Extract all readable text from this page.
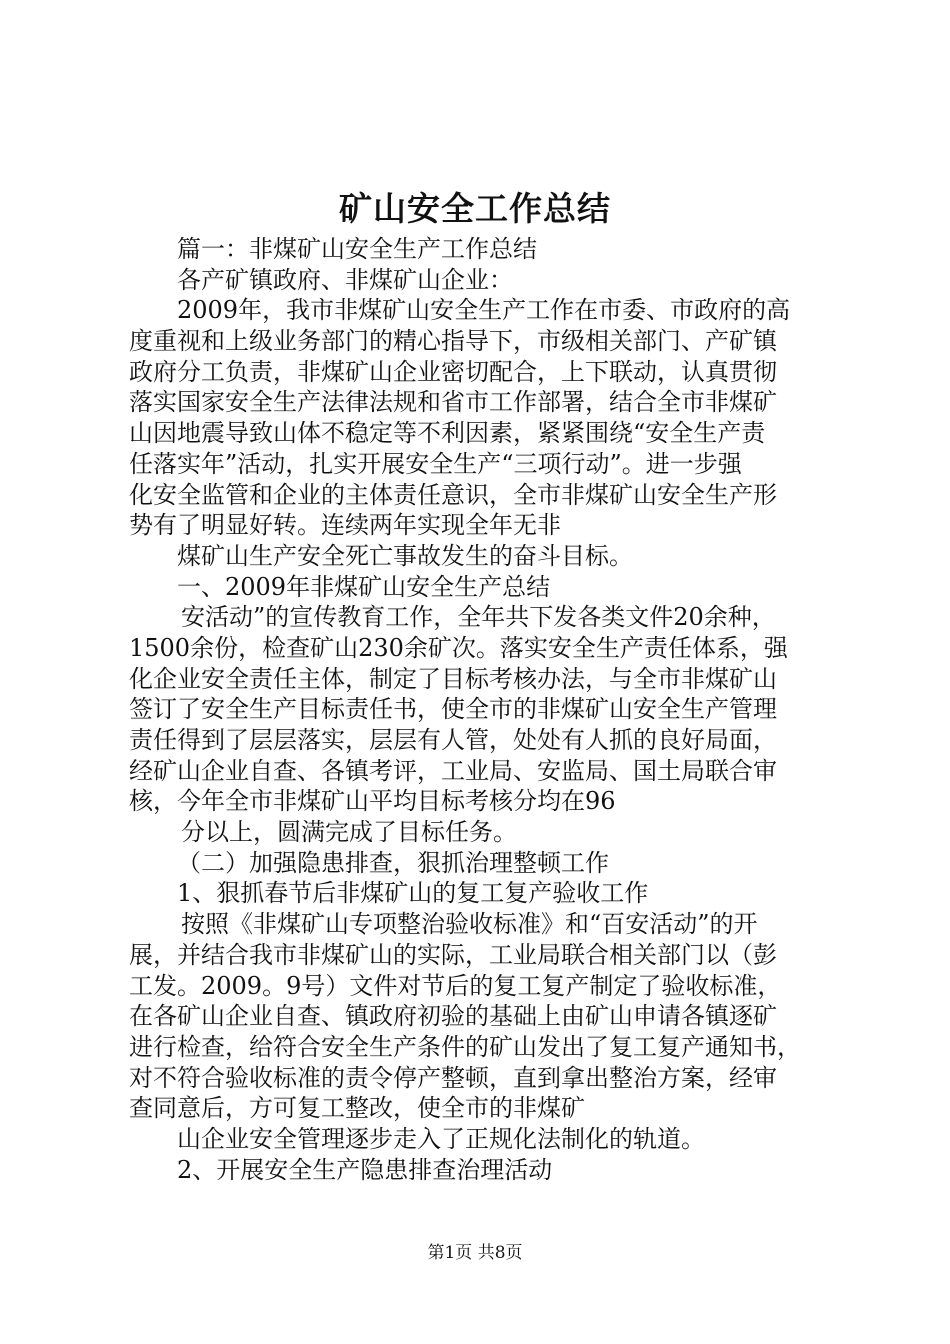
矿山安全工作总结

篇一：非煤矿山安全生产工作总结

各产矿镇政府、非煤矿山企业：

2009年，我市非煤矿山安全生产工作在市委、市政府的高

度重视和上级业务部门的精心指导下，市级相关部门、产矿镇

政府分工负责，非煤矿山企业密切配合，上下联动，认真贯彻

落实国家安全生产法律法规和省市工作部署，结合全市非煤矿

山因地震导致山体不稳定等不利因素，紧紧围绕“安全生产责

任落实年”活动，扎实开展安全生产“三项行动”。进一步强

化安全监管和企业的主体责任意识，全市非煤矿山安全生产形

势有了明显好转。连续两年实现全年无非

煤矿山生产安全死亡事故发生的奋斗目标。

一、2009年非煤矿山安全生产总结

安活动”的宣传教育工作，全年共下发各类文件20余种，

1500余份，检查矿山230余矿次。落实安全生产责任体系，强

化企业安全责任主体，制定了目标考核办法，与全市非煤矿山

签订了安全生产目标责任书，使全市的非煤矿山安全生产管理

责任得到了层层落实，层层有人管，处处有人抓的良好局面，

经矿山企业自查、各镇考评，工业局、安监局、国土局联合审

核，今年全市非煤矿山平均目标考核分均在96

分以上，圆满完成了目标任务。

（二）加强隐患排查，狠抓治理整顿工作

1、狠抓春节后非煤矿山的复工复产验收工作

按照《非煤矿山专项整治验收标准》和“百安活动”的开

展，并结合我市非煤矿山的实际，工业局联合相关部门以（彭

工发。2009。9号）文件对节后的复工复产制定了验收标准，

在各矿山企业自查、镇政府初验的基础上由矿山申请各镇逐矿

进行检查，给符合安全生产条件的矿山发出了复工复产通知书，

对不符合验收标准的责令停产整顿，直到拿出整治方案，经审

查同意后，方可复工整改，使全市的非煤矿

山企业安全管理逐步走入了正规化法制化的轨道。

2、开展安全生产隐患排查治理活动

第1页 共8页
